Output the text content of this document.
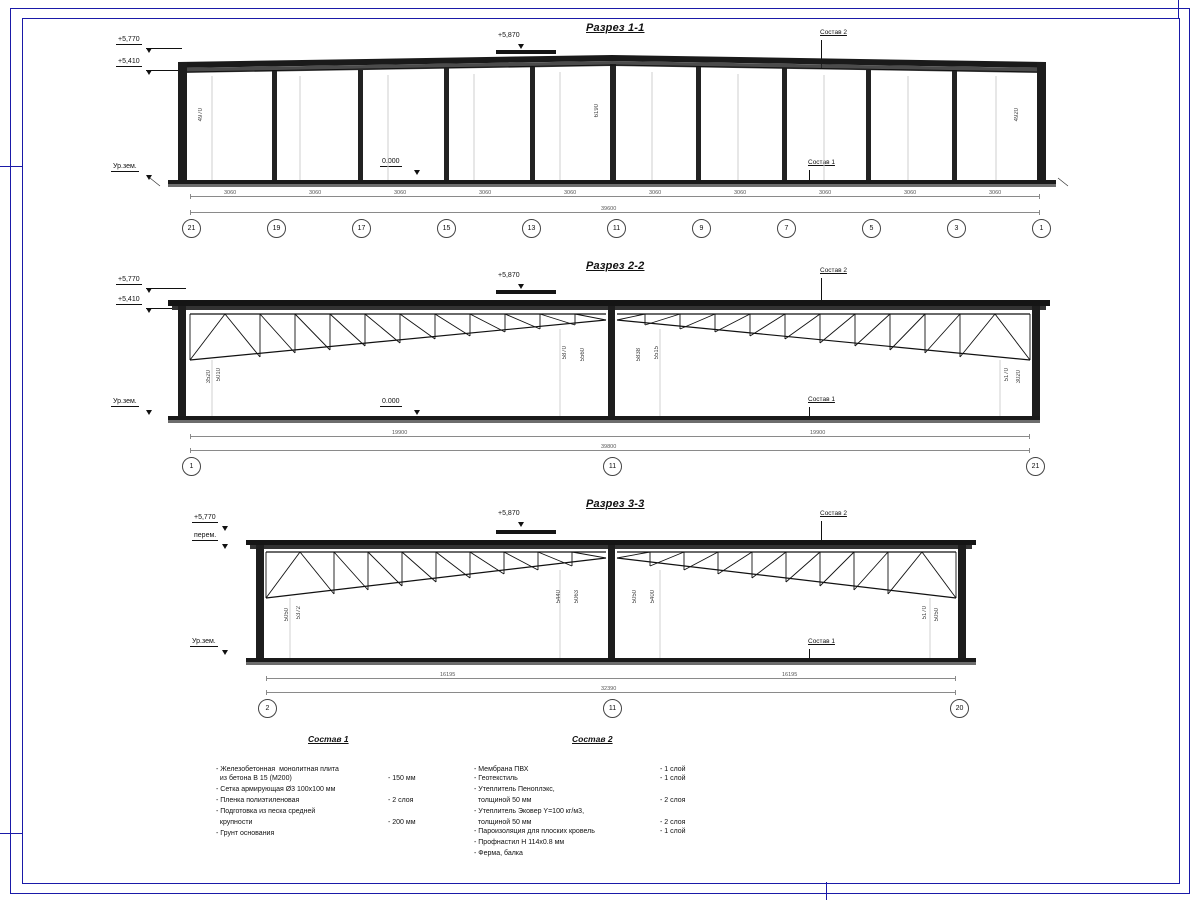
Разрез 1-1
+5,770
+5,410
+5,870
0.000
Ур.зем.
Состав 2
Состав 1
4970	6190	4920
3060	3060	3060	3060	3060	3060	3060	3060	3060	3060
39600
21	19	17	15	13	11	9	7	5	3	1
Разрез 2-2
+5,770
+5,410
+5,870
0.000
Ур.зем.
Состав 2
Состав 1
3520 5010
5870 5560	5838 5515
5170 3020
19900	19900
39800
1	11	21
Разрез 3-3
+5,770
перем.
+5,870
Ур.зем.
Состав 2
Состав 1
5050 5372
5440 5063	5050 5400
5170 5050
16195	16195
32390
2	11	20
Состав 1	Состав 2
- Железобетонная  монолитная плита
из бетона В 15 (М200)	- 150 мм
- Сетка армирующая Ø3 100х100 мм
- Пленка полиэтиленовая	- 2 слоя
- Подготовка из песка средней
крупности	- 200 мм
- Грунт основания
- Мембрана ПВХ	- 1 слой
- Геотекстиль	- 1 слой
- Утеплитель Пеноплэкс,
толщиной 50 мм	- 2 слоя
- Утеплитель Эковер Y=100 кг/м3,
толщиной 50 мм	- 2 слоя
- Пароизоляция для плоских кровель	- 1 слой
- Профнастил Н 114х0.8 мм
- Ферма, балка
